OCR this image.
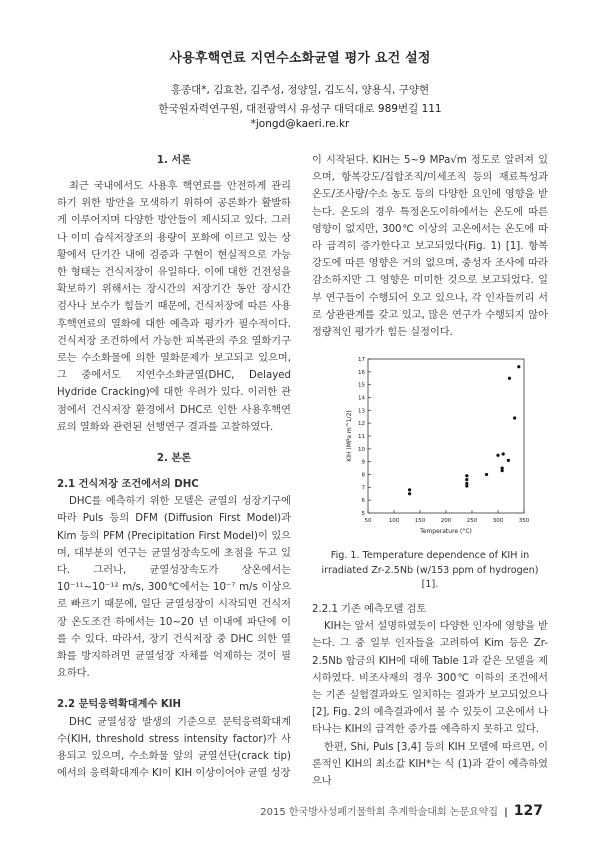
사용후핵연료 지연수소화균열 평가 요건 설정
홍종대*, 김효찬, 김주성, 정양일, 김도식, 양용식, 구양현
한국원자력연구원, 대전광역시 유성구 대덕대로 989번길 111
*jongd@kaeri.re.kr
1. 서론

최근 국내에서도 사용후 핵연료를 안전하게 관리하기 위한 방안을 모색하기 위하여 공론화가 활발하게 이루어지며 다양한 방안들이 제시되고 있다. 그러나 이미 습식저장조의 용량이 포화에 이르고 있는 상황에서 단기간 내에 검증과 구현이 현실적으로 가능한 형태는 건식저장이 유일하다. 이에 대한 건전성을 확보하기 위해서는 장시간의 저장기간 동안 장시간 검사나 보수가 힘들기 때문에, 건식저장에 따른 사용후핵연료의 열화에 대한 예측과 평가가 필수적이다. 건식저장 조건하에서 가능한 피복관의 주요 열화기구로는 수소화물에 의한 열화문제가 보고되고 있으며, 그 중에서도 지연수소화균열(DHC, Delayed Hydride Cracking)에 대한 우려가 있다. 이러한 관점에서 건식저장 환경에서 DHC로 인한 사용후핵연료의 열화와 관련된 선행연구 결과를 고찰하였다.

2. 본론
2.1 건식저장 조건에서의 DHC

DHC를 예측하기 위한 모델은 균열의 성장기구에 따라 Puls 등의 DFM (Diffusion First Model)과 Kim 등의 PFM (Precipitation First Model)이 있으며, 대부분의 연구는 균열성장속도에 초점을 두고 있다. 그러나, 균열성장속도가 상온에서는 10⁻¹¹~10⁻¹² m/s, 300℃에서는 10⁻⁷ m/s 이상으로 빠르기 때문에, 일단 균열성장이 시작되면 건식저장 온도조건 하에서는 10~20 년 이내에 파단에 이를 수 있다. 따라서, 장기 건식저장 중 DHC 의한 열화를 방지하려면 균열성장 자체를 억제하는 것이 필요하다.

2.2 문턱응력확대계수 KIH

DHC 균열성장 발생의 기준으로 문턱응력확대계수(KIH, threshold stress intensity factor)가 사용되고 있으며, 수소화물 앞의 균열선단(crack tip)에서의 응력확대계수 KI이 KIH 이상이어야 균열 성장

이 시작된다. KIH는 5~9 MPa√m 정도로 알려져 있으며, 항복강도/집합조직/미세조직 등의 재료특성과 온도/조사량/수소 농도 등의 다양한 요인에 영향을 받는다. 온도의 경우 특정온도이하에서는 온도에 따른 영향이 없지만, 300℃ 이상의 고온에서는 온도에 따라 급격히 증가한다고 보고되었다(Fig. 1) [1]. 항복강도에 따른 영향은 거의 없으며, 중성자 조사에 따라 감소하지만 그 영향은 미미한 것으로 보고되었다. 일부 연구들이 수행되어 오고 있으나, 각 인자들끼리 서로 상관관계를 갖고 있고, 많은 연구가 수행되지 않아 정량적인 평가가 힘든 실정이다.

50	100	150	200	250	300	350
5
6
7
8
9
10
11
12
13
14
15
16
17
Temperature (°C)
KIH (MPa m^1/2)
Fig. 1. Temperature dependence of KIH in irradiated Zr-2.5Nb (w/153 ppm of hydrogen) [1].
2.2.1 기존 예측모델 검토

KIH는 앞서 설명하였듯이 다양한 인자에 영향을 받는다. 그 중 일부 인자들을 고려하여 Kim 등은 Zr-2.5Nb 합금의 KIH에 대해 Table 1과 같은 모델을 제시하였다. 비조사재의 경우 300℃ 이하의 조건에서는 기존 실험결과와도 일치하는 결과가 보고되었으나 [2], Fig. 2의 예측결과에서 볼 수 있듯이 고온에서 나타나는 KIH의 급격한 증가를 예측하지 못하고 있다.

한편, Shi, Puls [3,4] 등의 KIH 모델에 따르면, 이론적인 KIH의 최소값 KIH*는 식 (1)과 같이 예측하였으나

2015 한국방사성폐기물학회 추계학술대회 논문요약집 | 127
